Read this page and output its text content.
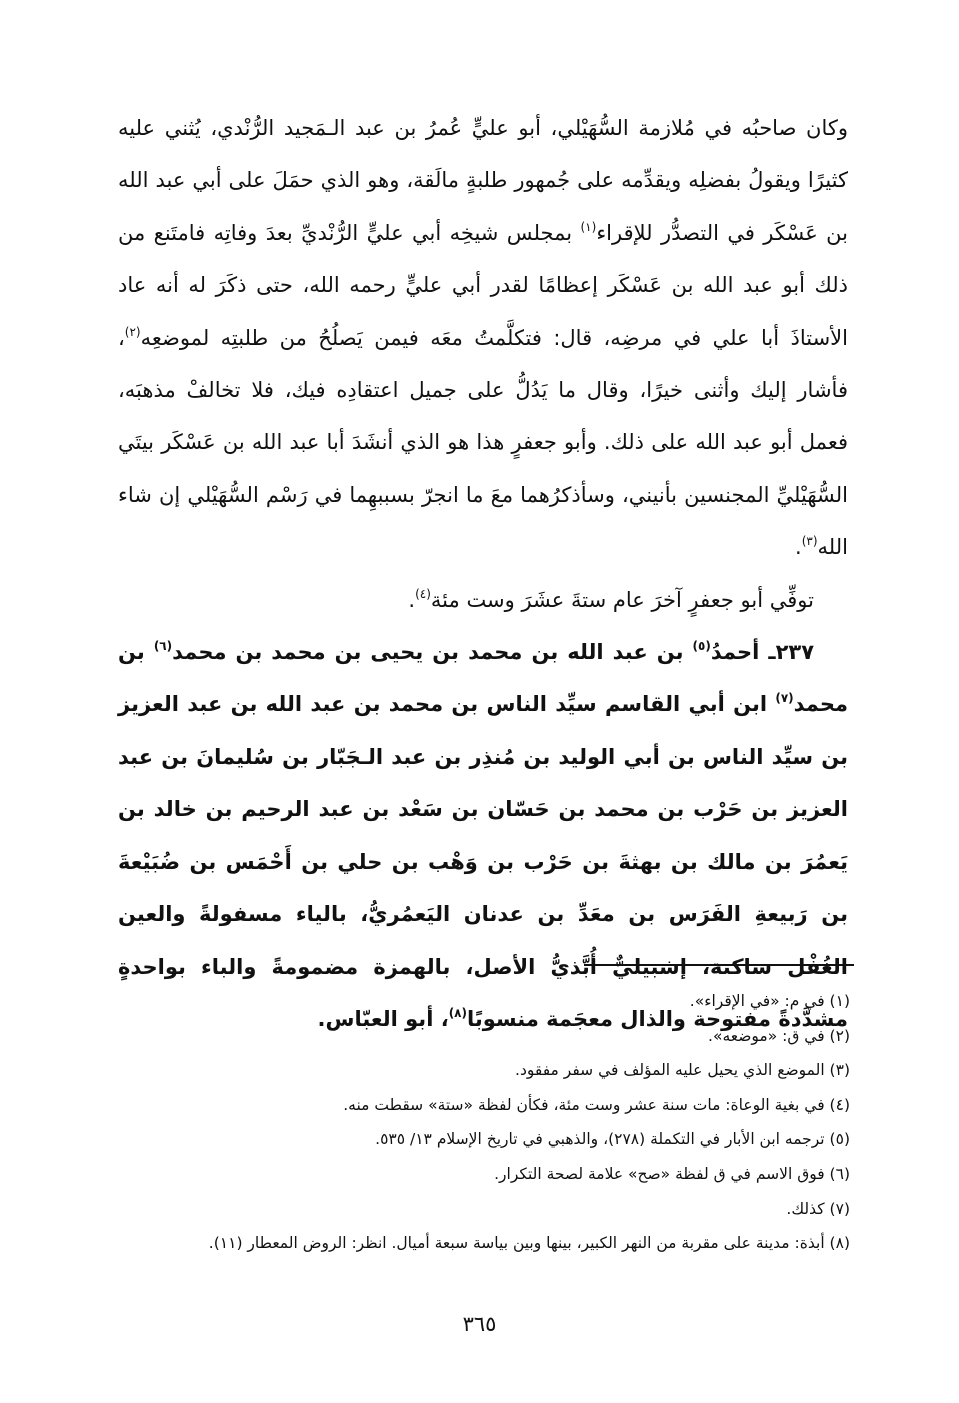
وكان صاحبُه في مُلازمة السُّهَيْلي، أبو عليٍّ عُمرُ بن عبد الـمَجيد الرُّنْدي، يُثني عليه كثيرًا ويقولُ بفضلِه ويقدِّمه على جُمهور طلبةٍ مالَقة، وهو الذي حمَلَ على أبي عبد الله بن عَسْكَر في التصدُّر للإقراء$^{(١)}$ بمجلس شيخِه أبي عليٍّ الرُّنْديِّ بعدَ وفاتِه فامتَنع من ذلك أبو عبد الله بن عَسْكَر إعظامًا لقدر أبي عليٍّ رحمه الله، حتى ذكَرَ له أنه عاد الأستاذَ أبا علي في مرضِه، قال: فتكلَّمتُ معَه فيمن يَصلُحُ من طلبتِه لموضعِه$^{(٢)}$، فأشار إليك وأثنى خيرًا، وقال ما يَدُلُّ على جميل اعتقادِه فيك، فلا تخالفْ مذهبَه، فعمل أبو عبد الله على ذلك. وأبو جعفرٍ هذا هو الذي أنشَدَ أبا عبد الله بن عَسْكَر بيتَي السُّهَيْليِّ المجنسين بأنيني، وسأذكرُهما معَ ما انجرّ بسببهِما في رَسْم السُّهَيْلي إن شاء الله$^{(٣)}$.

توفِّي أبو جعفرٍ آخرَ عام ستةَ عشَرَ وست مئة$^{(٤)}$.

٢٣٧ـ أحمدُ$^{(٥)}$ بن عبد الله بن محمد بن يحيى بن محمد بن محمد$^{(٦)}$ بن محمد$^{(٧)}$ ابن أبي القاسم سيِّد الناس بن محمد بن عبد الله بن عبد العزيز بن سيِّد الناس بن أبي الوليد بن مُنذِر بن عبد الـجَبّار بن سُليمانَ بن عبد العزيز بن حَرْب بن محمد بن حَسّان بن سَعْد بن عبد الرحيم بن خالد بن يَعمُرَ بن مالك بن بهثةَ بن حَرْب بن وَهْب بن حلي بن أَحْمَس بن ضُبَيْعةَ بن رَبيعةِ الفَرَس بن معَدِّ بن عدنان اليَعمُريُّ، بالياء مسفولةً والعين الغُفْل ساكنة، إشبيليٌّ أُبَّذيُّ الأصل، بالهمزة مضمومةً والباء بواحدةٍ مشدَّدةً مفتوحة والذال معجَمة منسوبًا$^{(٨)}$، أبو العبّاس.

(١) في م: «في الإقراء».
(٢) في ق: «موضعه».
(٣) الموضع الذي يحيل عليه المؤلف في سفر مفقود.
(٤) في بغية الوعاة: مات سنة عشر وست مئة، فكأن لفظة «ستة» سقطت منه.
(٥) ترجمه ابن الأبار في التكملة (٢٧٨)، والذهبي في تاريخ الإسلام ١٣/ ٥٣٥.
(٦) فوق الاسم في ق لفظة «صح» علامة لصحة التكرار.
(٧) كذلك.
(٨) أبذة: مدينة على مقربة من النهر الكبير، بينها وبين بياسة سبعة أميال. انظر: الروض المعطار (١١).
٣٦٥
